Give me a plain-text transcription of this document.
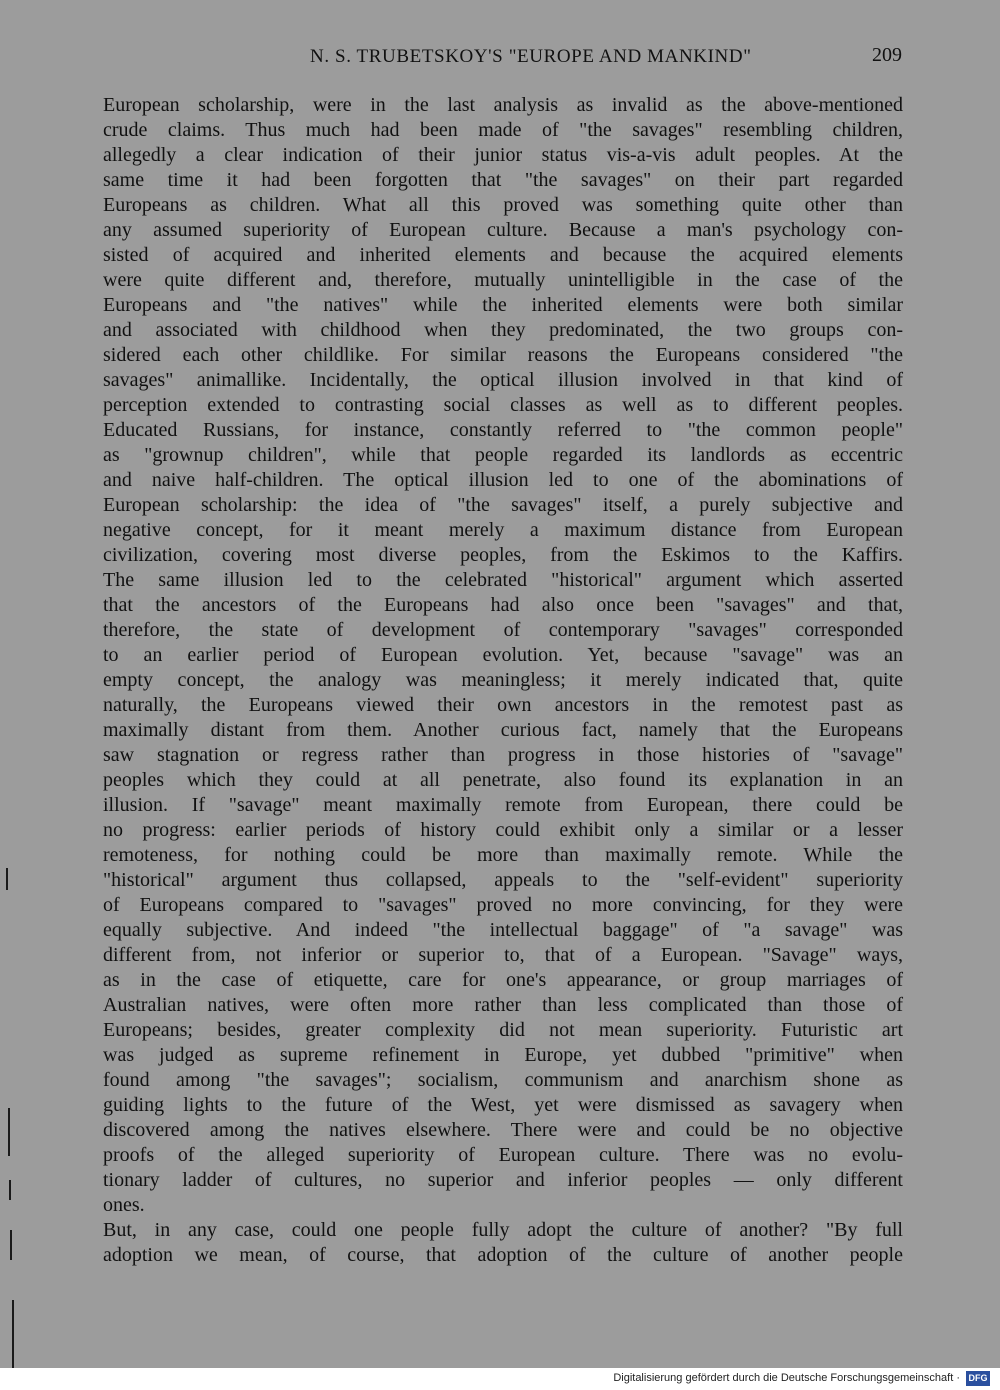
N. S. TRUBETSKOY'S "EUROPE AND MANKIND"	209
European scholarship, were in the last analysis as invalid as the above-mentioned
crude claims. Thus much had been made of "the savages" resembling children,
allegedly a clear indication of their junior status vis-a-vis adult peoples. At the
same time it had been forgotten that "the savages" on their part regarded
Europeans as children. What all this proved was something quite other than
any assumed superiority of European culture. Because a man's psychology con-
sisted of acquired and inherited elements and because the acquired elements
were quite different and, therefore, mutually unintelligible in the case of the
Europeans and "the natives" while the inherited elements were both similar
and associated with childhood when they predominated, the two groups con-
sidered each other childlike. For similar reasons the Europeans considered "the
savages" animallike. Incidentally, the optical illusion involved in that kind of
perception extended to contrasting social classes as well as to different peoples.
Educated Russians, for instance, constantly referred to "the common people"
as "grownup children", while that people regarded its landlords as eccentric
and naive half-children. The optical illusion led to one of the abominations of
European scholarship: the idea of "the savages" itself, a purely subjective and
negative concept, for it meant merely a maximum distance from European
civilization, covering most diverse peoples, from the Eskimos to the Kaffirs.
The same illusion led to the celebrated "historical" argument which asserted
that the ancestors of the Europeans had also once been "savages" and that,
therefore, the state of development of contemporary "savages" corresponded
to an earlier period of European evolution. Yet, because "savage" was an
empty concept, the analogy was meaningless; it merely indicated that, quite
naturally, the Europeans viewed their own ancestors in the remotest past as
maximally distant from them. Another curious fact, namely that the Europeans
saw stagnation or regress rather than progress in those histories of "savage"
peoples which they could at all penetrate, also found its explanation in an
illusion. If "savage" meant maximally remote from European, there could be
no progress: earlier periods of history could exhibit only a similar or a lesser
remoteness, for nothing could be more than maximally remote. While the
"historical" argument thus collapsed, appeals to the "self-evident" superiority
of Europeans compared to "savages" proved no more convincing, for they were
equally subjective. And indeed "the intellectual baggage" of "a savage" was
different from, not inferior or superior to, that of a European. "Savage" ways,
as in the case of etiquette, care for one's appearance, or group marriages of
Australian natives, were often more rather than less complicated than those of
Europeans; besides, greater complexity did not mean superiority. Futuristic art
was judged as supreme refinement in Europe, yet dubbed "primitive" when
found among "the savages"; socialism, communism and anarchism shone as
guiding lights to the future of the West, yet were dismissed as savagery when
discovered among the natives elsewhere. There were and could be no objective
proofs of the alleged superiority of European culture. There was no evolu-
tionary ladder of cultures, no superior and inferior peoples — only different
ones.
But, in any case, could one people fully adopt the culture of another? "By full
adoption we mean, of course, that adoption of the culture of another people
Digitalisierung gefördert durch die Deutsche Forschungsgemeinschaft · DFG
